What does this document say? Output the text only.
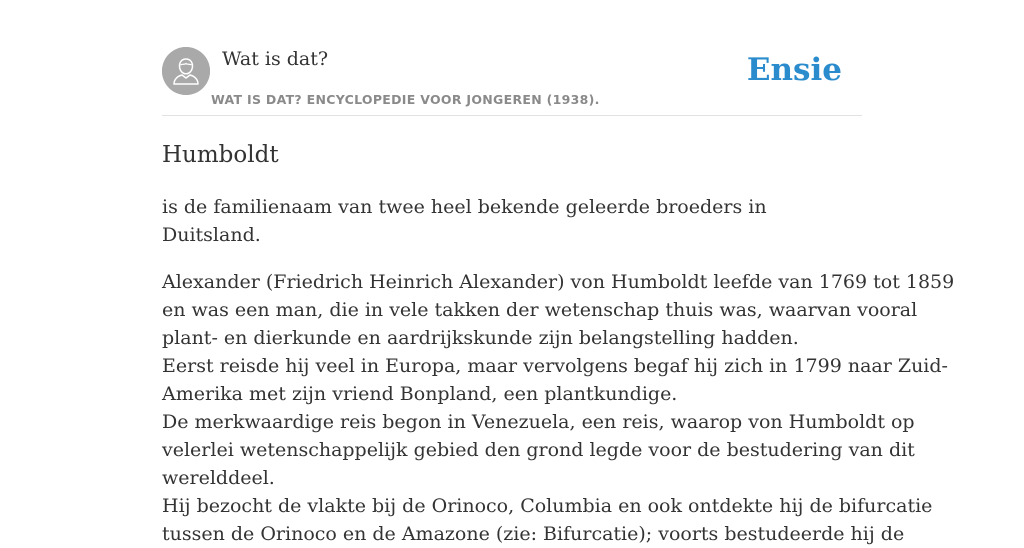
Wat is dat?
WAT IS DAT? ENCYCLOPEDIE VOOR JONGEREN (1938).
Ensie
Humboldt

is de familienaam van twee heel bekende geleerde broeders in Duitsland.

Alexander (Friedrich Heinrich Alexander) von Humboldt leefde van 1769 tot 1859
en was een man, die in vele takken der wetenschap thuis was, waarvan vooral
plant- en dierkunde en aardrijkskunde zijn belangstelling hadden.
Eerst reisde hij veel in Europa, maar vervolgens begaf hij zich in 1799 naar Zuid-
Amerika met zijn vriend Bonpland, een plantkundige.
De merkwaardige reis begon in Venezuela, een reis, waarop von Humboldt op
velerlei wetenschappelijk gebied den grond legde voor de bestudering van dit
werelddeel.
Hij bezocht de vlakte bij de Orinoco, Columbia en ook ontdekte hij de bifurcatie
tussen de Orinoco en de Amazone (zie: Bifurcatie); voorts bestudeerde hij de
